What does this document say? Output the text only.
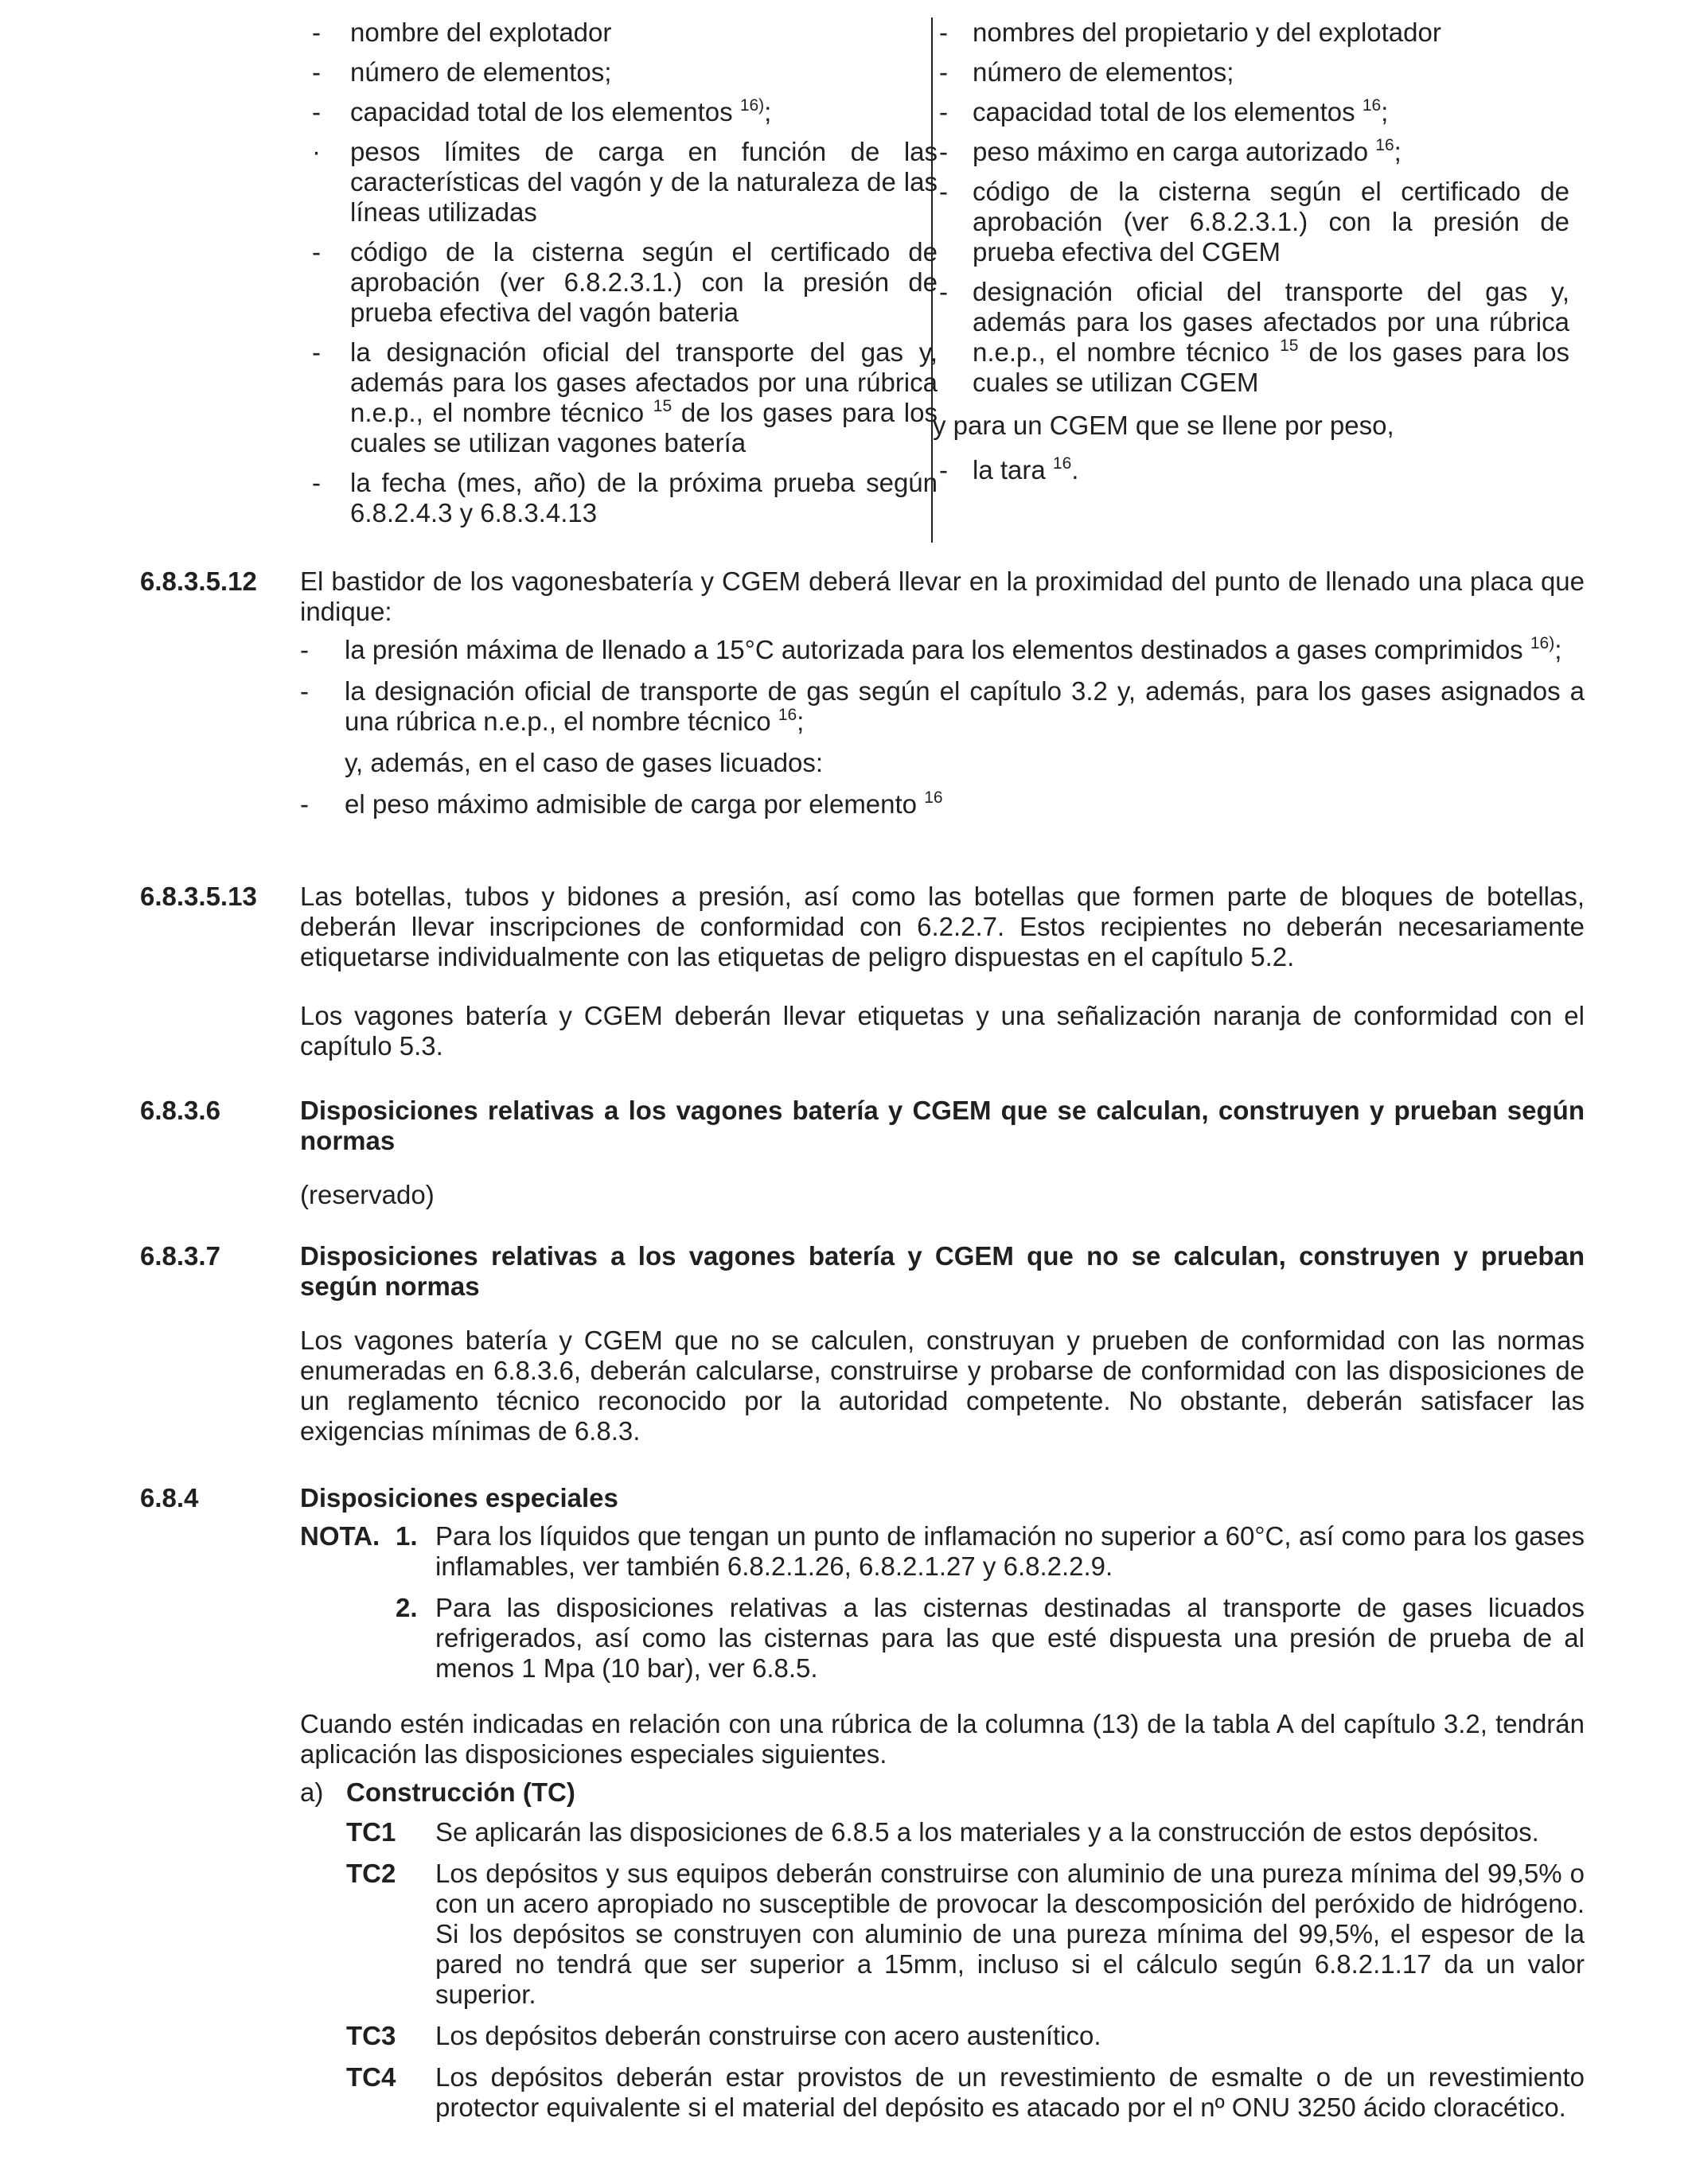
- nombre del explotador
- número de elementos;
- capacidad total de los elementos $^{16)}$;
· pesos límites de carga en función de las características del vagón y de la naturaleza de las líneas utilizadas
- código de la cisterna según el certificado de aprobación (ver 6.8.2.3.1.) con la presión de prueba efectiva del vagón bateria
- la designación oficial del transporte del gas y, además para los gases afectados por una rúbrica n.e.p., el nombre técnico $^{15}$ de los gases para los cuales se utilizan vagones batería
- la fecha (mes, año) de la próxima prueba según 6.8.2.4.3 y 6.8.3.4.13
- nombres del propietario y del explotador
- número de elementos;
- capacidad total de los elementos $^{16}$;
- peso máximo en carga autorizado $^{16}$;
- código de la cisterna según el certificado de aprobación (ver 6.8.2.3.1.) con la presión de prueba efectiva del CGEM
- designación oficial del transporte del gas y, además para los gases afectados por una rúbrica n.e.p., el nombre técnico $^{15}$ de los gases para los cuales se utilizan CGEM
y para un CGEM que se llene por peso,
- la tara $^{16}$.
6.8.3.5.12	El bastidor de los vagonesbatería y CGEM deberá llevar en la proximidad del punto de llenado una placa que indique:
- la presión máxima de llenado a 15°C autorizada para los elementos destinados a gases comprimidos $^{16)}$;
- la designación oficial de transporte de gas según el capítulo 3.2 y, además, para los gases asignados a una rúbrica n.e.p., el nombre técnico $^{16}$;
y, además, en el caso de gases licuados:
- el peso máximo admisible de carga por elemento $^{16}$
6.8.3.5.13	Las botellas, tubos y bidones a presión, así como las botellas que formen parte de bloques de botellas, deberán llevar inscripciones de conformidad con 6.2.2.7. Estos recipientes no deberán necesariamente etiquetarse individualmente con las etiquetas de peligro dispuestas en el capítulo 5.2.
Los vagones batería y CGEM deberán llevar etiquetas y una señalización naranja de conformidad con el capítulo 5.3.
6.8.3.6	Disposiciones relativas a los vagones batería y CGEM que se calculan, construyen y prueban según normas
(reservado)
6.8.3.7	Disposiciones relativas a los vagones batería y CGEM que no se calculan, construyen y prueban según normas
Los vagones batería y CGEM que no se calculen, construyan y prueben de conformidad con las normas enumeradas en 6.8.3.6, deberán calcularse, construirse y probarse de conformidad con las disposiciones de un reglamento técnico reconocido por la autoridad competente. No obstante, deberán satisfacer las exigencias mínimas de 6.8.3.
6.8.4	Disposiciones especiales
NOTA. 1. Para los líquidos que tengan un punto de inflamación no superior a 60°C, así como para los gases inflamables, ver también 6.8.2.1.26, 6.8.2.1.27 y 6.8.2.2.9.
2. Para las disposiciones relativas a las cisternas destinadas al transporte de gases licuados refrigerados, así como las cisternas para las que esté dispuesta una presión de prueba de al menos 1 Mpa (10 bar), ver 6.8.5.
Cuando estén indicadas en relación con una rúbrica de la columna (13) de la tabla A del capítulo 3.2, tendrán aplicación las disposiciones especiales siguientes.
a) Construcción (TC)
TC1 Se aplicarán las disposiciones de 6.8.5 a los materiales y a la construcción de estos depósitos.
TC2 Los depósitos y sus equipos deberán construirse con aluminio de una pureza mínima del 99,5% o con un acero apropiado no susceptible de provocar la descomposición del peróxido de hidrógeno. Si los depósitos se construyen con aluminio de una pureza mínima del 99,5%, el espesor de la pared no tendrá que ser superior a 15mm, incluso si el cálculo según 6.8.2.1.17 da un valor superior.
TC3 Los depósitos deberán construirse con acero austenítico.
TC4 Los depósitos deberán estar provistos de un revestimiento de esmalte o de un revestimiento protector equivalente si el material del depósito es atacado por el nº ONU 3250 ácido cloracético.
